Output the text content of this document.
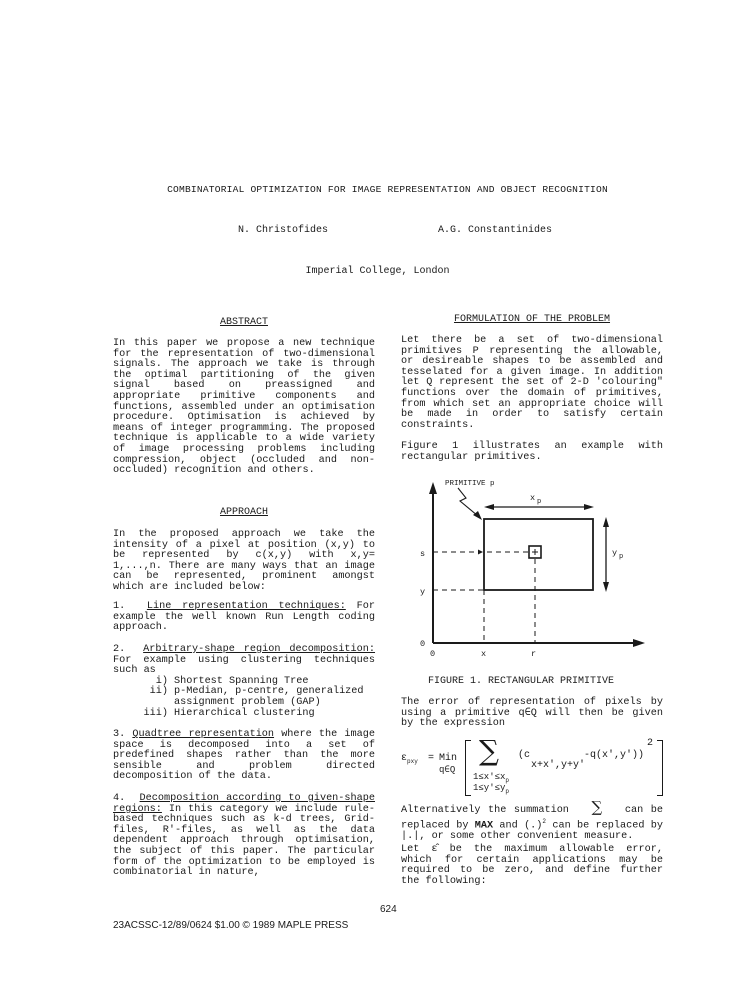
COMBINATORIAL OPTIMIZATION FOR IMAGE REPRESENTATION AND OBJECT RECOGNITION
N. Christofides	A.G. Constantinides
Imperial College, London
ABSTRACT

In this paper we propose a new technique for the representation of two-dimensional signals. The approach we take is through the optimal partitioning of the given signal based on preassigned and appropriate primitive components and functions, assembled under an optimisation procedure. Optimisation is achieved by means of integer programming. The proposed technique is applicable to a wide variety of image processing problems including compression, object (occluded and non-occluded) recognition and others.

APPROACH

In the proposed approach we take the intensity of a pixel at position (x,y) to be represented by c(x,y) with x,y= 1,...,n. There are many ways that an image can be represented, prominent amongst which are included below:

1. Line representation techniques: For example the well known Run Length coding approach.

2. Arbitrary-shape region decomposition: For example using clustering techniques such as

i) Shortest Spanning Tree
ii) p-Median, p-centre, generalized assignment problem (GAP)
iii) Hierarchical clustering

3. Quadtree representation where the image space is decomposed into a set of predefined shapes rather than the more sensible and problem directed decomposition of the data.

4. Decomposition according to given-shape regions: In this category we include rule-based techniques such as k-d trees, Grid-files, R'-files, as well as the data dependent approach through optimisation, the subject of this paper. The particular form of the optimization to be employed is combinatorial in nature,

FORMULATION OF THE PROBLEM

Let there be a set of two-dimensional primitives P representing the allowable, or desireable shapes to be assembled and tesselated for a given image. In addition let Q represent the set of 2-D 'colouring" functions over the domain of primitives, from which set an appropriate choice will be made in order to satisfy certain constraints.

Figure 1 illustrates an example with rectangular primitives.

PRIMITIVE p
x p
y p
s
y
0
0	x	r
FIGURE 1. RECTANGULAR PRIMITIVE

The error of representation of pixels by using a primitive q∈Q will then be given by the expression

$\varepsilon_{pxy}$ = Min
q∈Q
∑
$1\le x'\le x_p$
$1\le y'\le y_p$
(c
x+x',y+y'
-q(x',y'))
2

Alternatively the summation ∑ can be replaced by MAX and (.)$^2$ can be replaced by |.|, or some other convenient measure.

Let ε̂ be the maximum allowable error, which for certain applications may be required to be zero, and define further the following:

624
23ACSSC-12/89/0624 $1.00 © 1989 MAPLE PRESS
